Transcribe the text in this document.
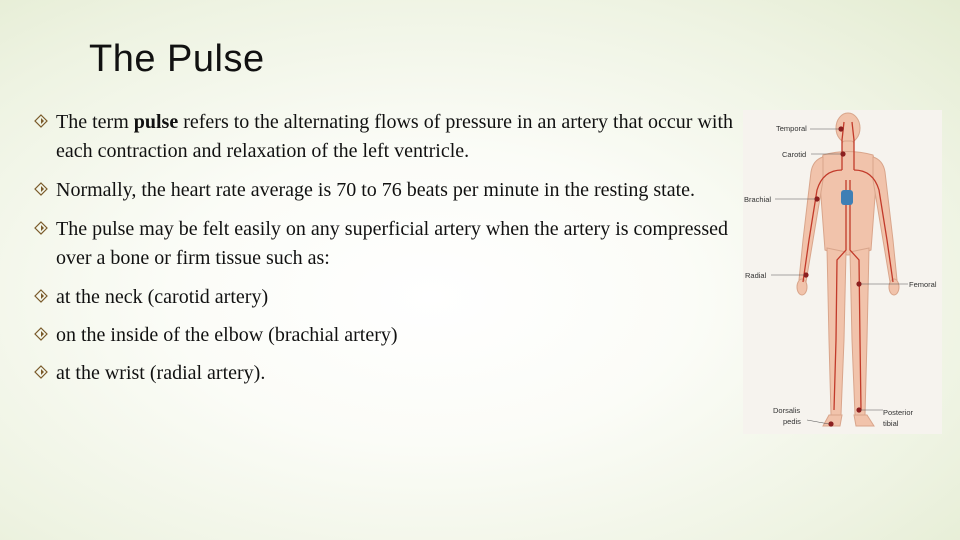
The Pulse
The term pulse refers to the alternating flows of pressure in an artery that occur with each contraction and relaxation of the left ventricle.
Normally, the heart rate average is 70 to 76 beats per minute in the resting state.
The pulse may be felt easily on any superficial artery when the artery is compressed over a bone or firm tissue such as:
at the neck (carotid artery)
on the inside of the elbow (brachial artery)
at the wrist (radial artery).
Temporal
Carotid
Brachial
Radial
Femoral
Dorsalis
pedis
Posterior
tibial
